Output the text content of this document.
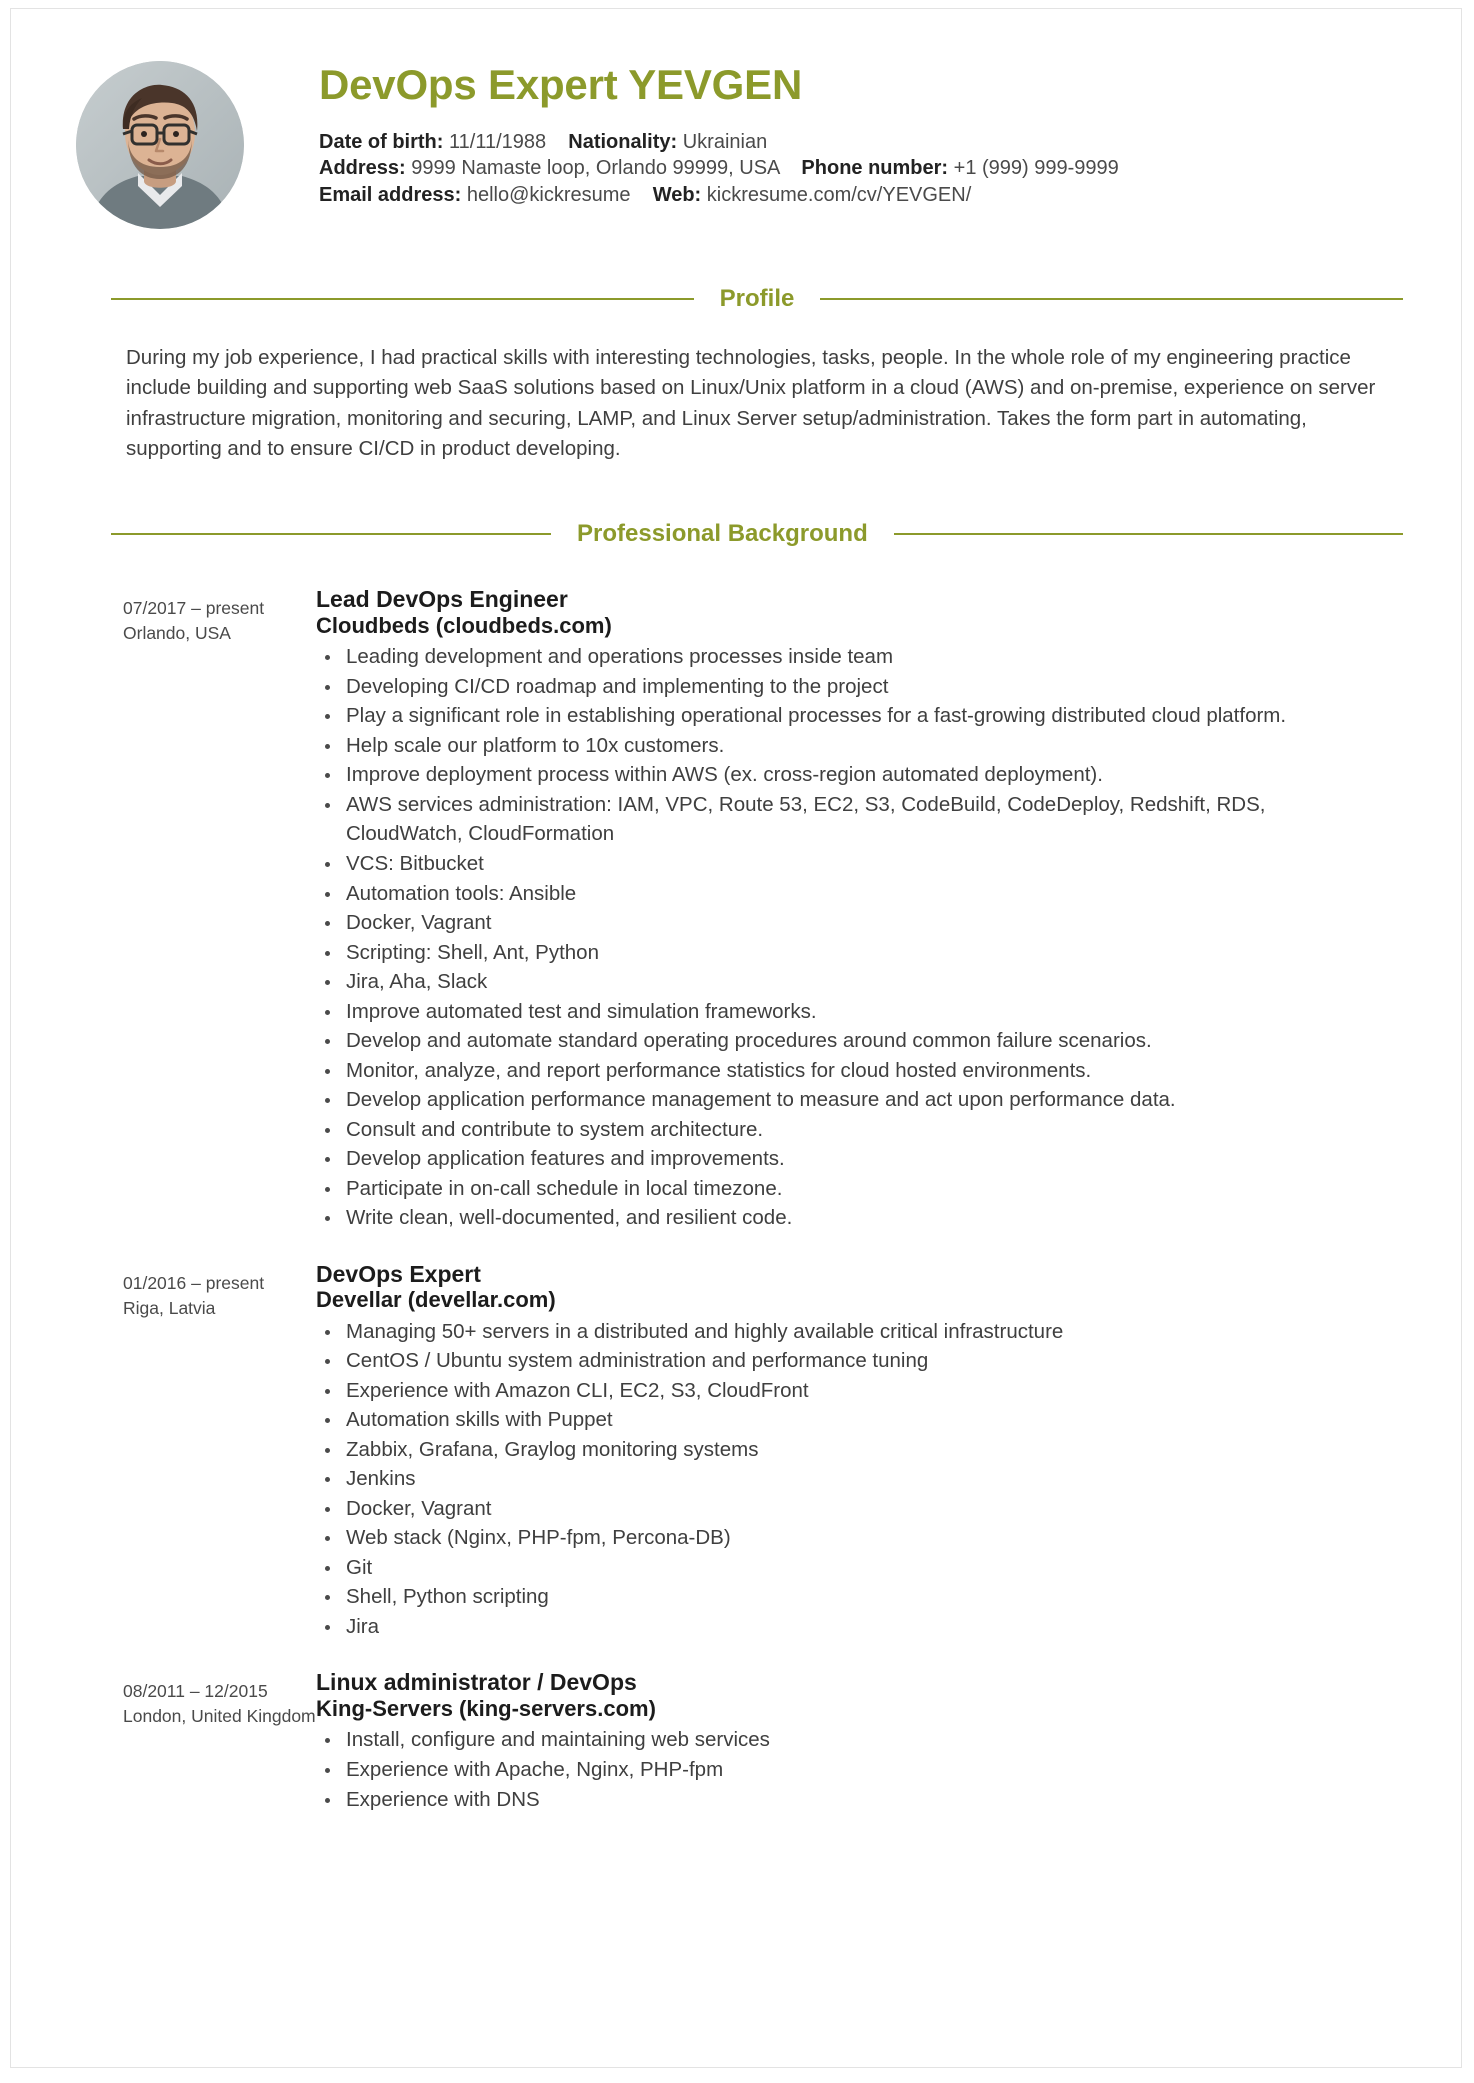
DevOps Expert YEVGEN
Date of birth: 11/11/1988 Nationality: Ukrainian
Address: 9999 Namaste loop, Orlando 99999, USA Phone number: +1 (999) 999-9999
Email address: hello@kickresume Web: kickresume.com/cv/YEVGEN/
Profile
During my job experience, I had practical skills with interesting technologies, tasks, people. In the whole role of my engineering practice include building and supporting web SaaS solutions based on Linux/Unix platform in a cloud (AWS) and on-premise, experience on server infrastructure migration, monitoring and securing, LAMP, and Linux Server setup/administration. Takes the form part in automating, supporting and to ensure CI/CD in product developing.
Professional Background
07/2017 – present
Orlando, USA
Lead DevOps Engineer
Cloudbeds (cloudbeds.com)
Leading development and operations processes inside team
Developing CI/CD roadmap and implementing to the project
Play a significant role in establishing operational processes for a fast-growing distributed cloud platform.
Help scale our platform to 10x customers.
Improve deployment process within AWS (ex. cross-region automated deployment).
AWS services administration: IAM, VPC, Route 53, EC2, S3, CodeBuild, CodeDeploy, Redshift, RDS, CloudWatch, CloudFormation
VCS: Bitbucket
Automation tools: Ansible
Docker, Vagrant
Scripting: Shell, Ant, Python
Jira, Aha, Slack
Improve automated test and simulation frameworks.
Develop and automate standard operating procedures around common failure scenarios.
Monitor, analyze, and report performance statistics for cloud hosted environments.
Develop application performance management to measure and act upon performance data.
Consult and contribute to system architecture.
Develop application features and improvements.
Participate in on-call schedule in local timezone.
Write clean, well-documented, and resilient code.
01/2016 – present
Riga, Latvia
DevOps Expert
Devellar (devellar.com)
Managing 50+ servers in a distributed and highly available critical infrastructure
CentOS / Ubuntu system administration and performance tuning
Experience with Amazon CLI, EC2, S3, CloudFront
Automation skills with Puppet
Zabbix, Grafana, Graylog monitoring systems
Jenkins
Docker, Vagrant
Web stack (Nginx, PHP-fpm, Percona-DB)
Git
Shell, Python scripting
Jira
08/2011 – 12/2015
London, United Kingdom
Linux administrator / DevOps
King-Servers (king-servers.com)
Install, configure and maintaining web services
Experience with Apache, Nginx, PHP-fpm
Experience with DNS
